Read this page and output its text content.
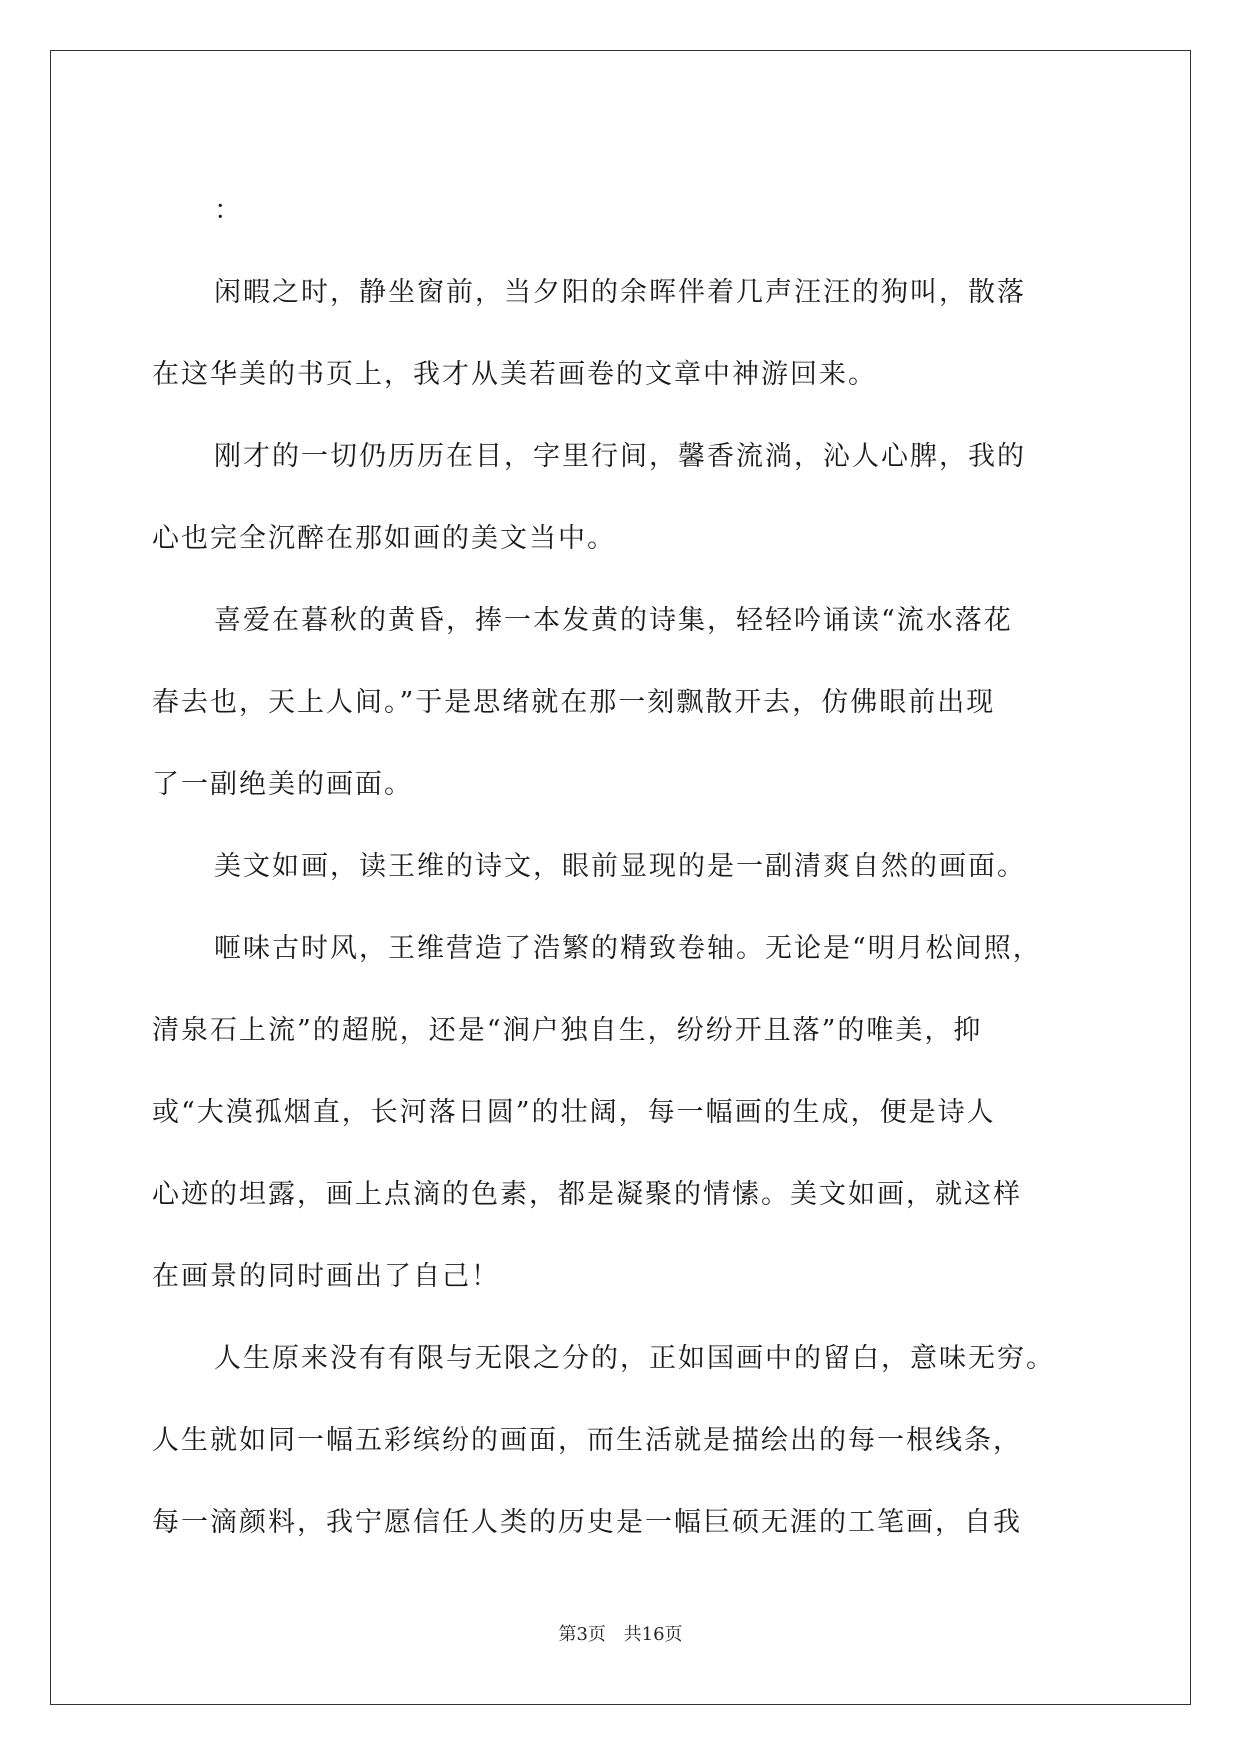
：
闲暇之时，静坐窗前，当夕阳的余晖伴着几声汪汪的狗叫，散落
在这华美的书页上，我才从美若画卷的文章中神游回来。
刚才的一切仍历历在目，字里行间，馨香流淌，沁人心脾，我的
心也完全沉醉在那如画的美文当中。
喜爱在暮秋的黄昏，捧一本发黄的诗集，轻轻吟诵读“流水落花
春去也，天上人间。”于是思绪就在那一刻飘散开去，仿佛眼前出现
了一副绝美的画面。
美文如画，读王维的诗文，眼前显现的是一副清爽自然的画面。
咂味古时风，王维营造了浩繁的精致卷轴。无论是“明月松间照，
清泉石上流”的超脱，还是“涧户独自生，纷纷开且落”的唯美，抑
或“大漠孤烟直，长河落日圆”的壮阔，每一幅画的生成，便是诗人
心迹的坦露，画上点滴的色素，都是凝聚的情愫。美文如画，就这样
在画景的同时画出了自己！
人生原来没有有限与无限之分的，正如国画中的留白，意味无穷。
人生就如同一幅五彩缤纷的画面，而生活就是描绘出的每一根线条，
每一滴颜料，我宁愿信任人类的历史是一幅巨硕无涯的工笔画，自我
第3页 共16页
